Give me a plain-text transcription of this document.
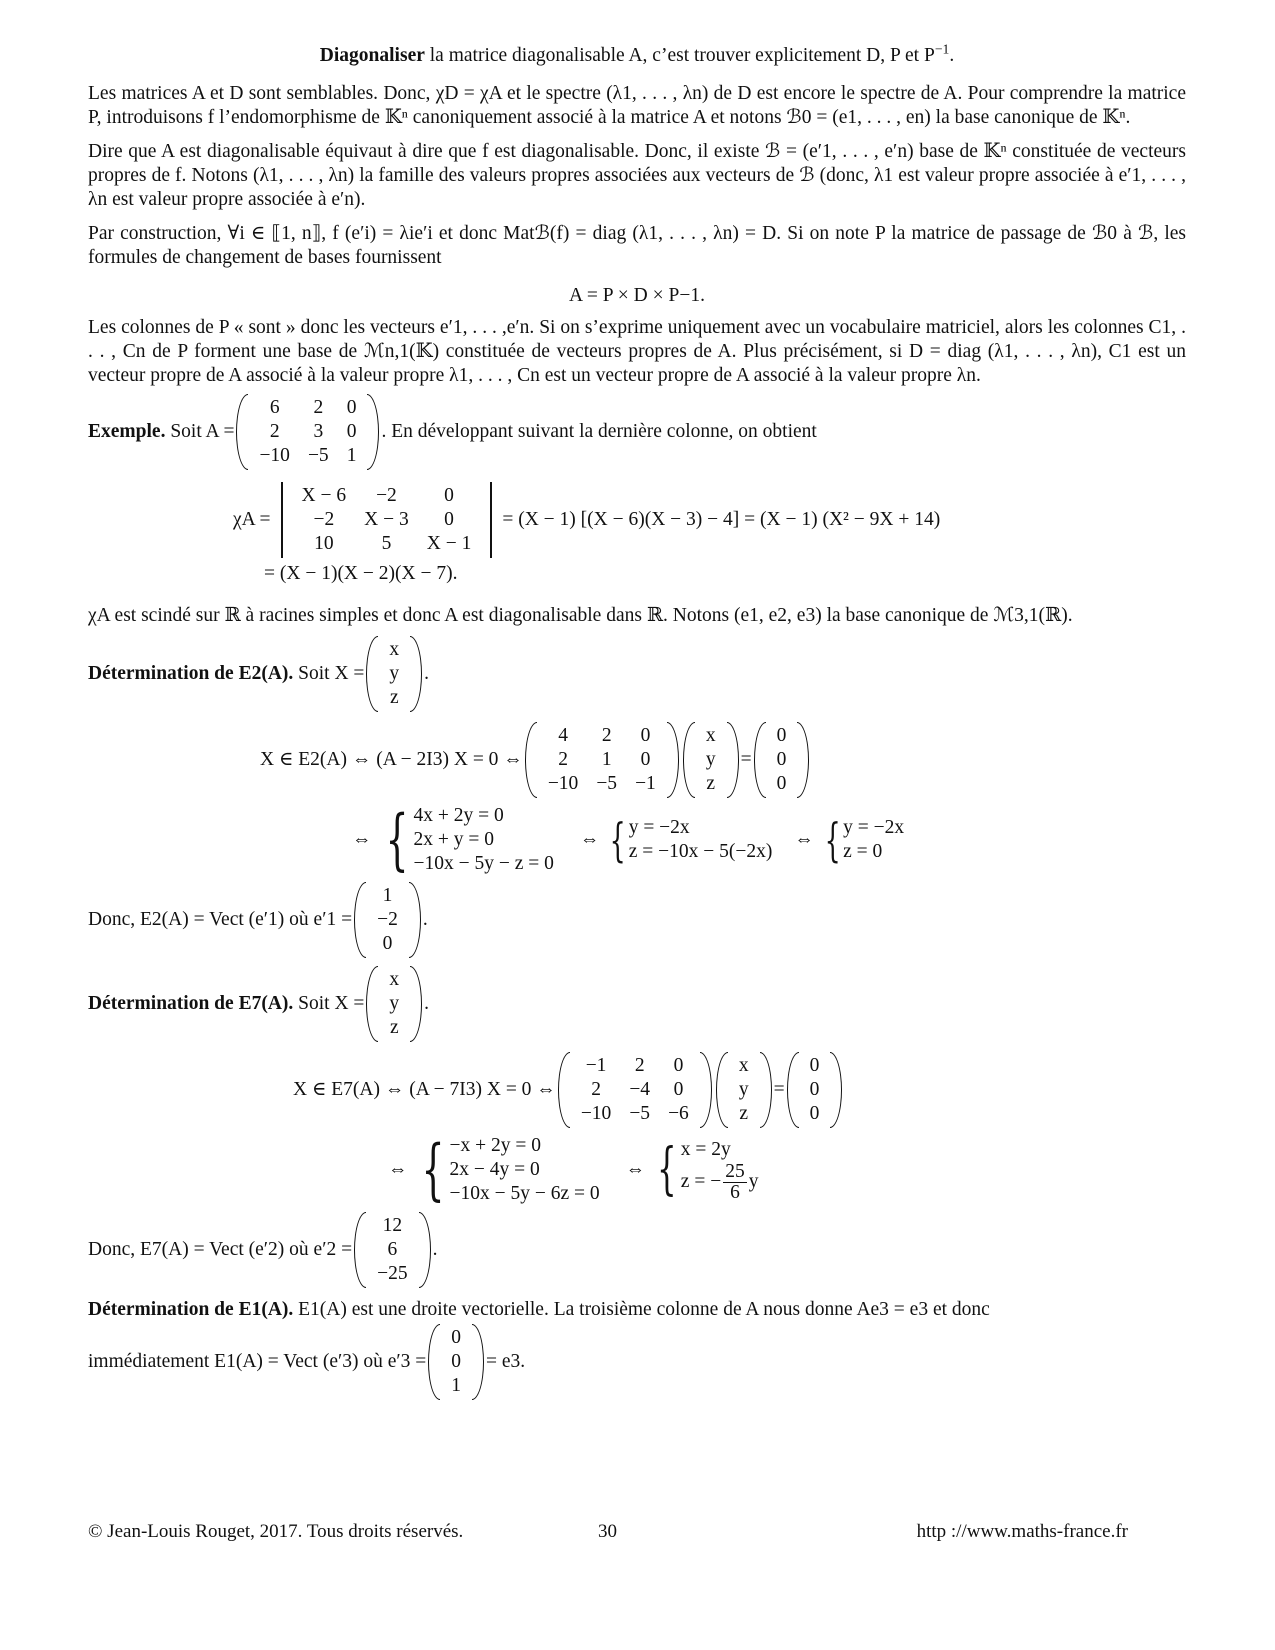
Diagonaliser la matrice diagonalisable A, c’est trouver explicitement D, P et $P^{-1}$.

Les matrices A et D sont semblables. Donc, χD = χA et le spectre (λ1, . . . , λn) de D est encore le spectre de A. Pour comprendre la matrice P, introduisons f l’endomorphisme de 𝕂ⁿ canoniquement associé à la matrice A et notons ℬ0 = (e1, . . . , en) la base canonique de 𝕂ⁿ.

Dire que A est diagonalisable équivaut à dire que f est diagonalisable. Donc, il existe ℬ = (e′1, . . . , e′n) base de 𝕂ⁿ constituée de vecteurs propres de f. Notons (λ1, . . . , λn) la famille des valeurs propres associées aux vecteurs de ℬ (donc, λ1 est valeur propre associée à e′1, . . . , λn est valeur propre associée à e′n).

Par construction, ∀i ∈ ⟦1, n⟧, f (e′i) = λie′i et donc Matℬ(f) = diag (λ1, . . . , λn) = D. Si on note P la matrice de passage de ℬ0 à ℬ, les formules de changement de bases fournissent

A = P × D × P−1.

Les colonnes de P « sont » donc les vecteurs e′1, . . . ,e′n. Si on s’exprime uniquement avec un vocabulaire matriciel, alors les colonnes C1, . . . , Cn de P forment une base de ℳn,1(𝕂) constituée de vecteurs propres de A. Plus précisément, si D = diag (λ1, . . . , λn), C1 est un vecteur propre de A associé à la valeur propre λ1, . . . , Cn est un vecteur propre de A associé à la valeur propre λn.

Exemple.
Soit A =
6	2	0
2	3	0
−10	−5	1
. En développant suivant la dernière colonne, on obtient
χA =
X − 6	−2	0
−2	X − 3	0
10	5	X − 1
= (X − 1) [(X − 6)(X − 3) − 4] = (X − 1) (X² − 9X + 14)
= (X − 1)(X − 2)(X − 7).

χA est scindé sur ℝ à racines simples et donc A est diagonalisable dans ℝ. Notons (e1, e2, e3) la base canonique de ℳ3,1(ℝ).

Détermination de
E2(A).
Soit X =
x
y
z
.
X ∈ E2(A) ⇔ (A − 2I3) X = 0 ⇔
4	2	0
2	1	0
−10	−5	−1
x
y
z
=
0
0
0
⇔ { 4x + 2y = 0
2x + y = 0
−10x − 5y − z = 0
⇔ { y = −2x
z = −10x − 5(−2x)
⇔ { y = −2x
z = 0
Donc, E2(A) = Vect (e′1) où e′1 =
1
−2
0
.
Détermination de
E7(A).
Soit X =
x
y
z
.
X ∈ E7(A) ⇔ (A − 7I3) X = 0 ⇔
−1	2	0
2	−4	0
−10	−5	−6
x
y
z
=
0
0
0
⇔ { −x + 2y = 0
2x − 4y = 0
−10x − 5y − 6z = 0
⇔ { x = 2y
z = − $\frac{25}{6}$ y
Donc, E7(A) = Vect (e′2) où e′2 =
12
6
−25
.

Détermination de E1(A). E1(A) est une droite vectorielle. La troisième colonne de A nous donne Ae3 = e3 et donc

immédiatement E1(A) = Vect (e′3) où e′3 =
0
0
1
= e3.
© Jean-Louis Rouget, 2017. Tous droits réservés.	30	http ://www.maths-france.fr
